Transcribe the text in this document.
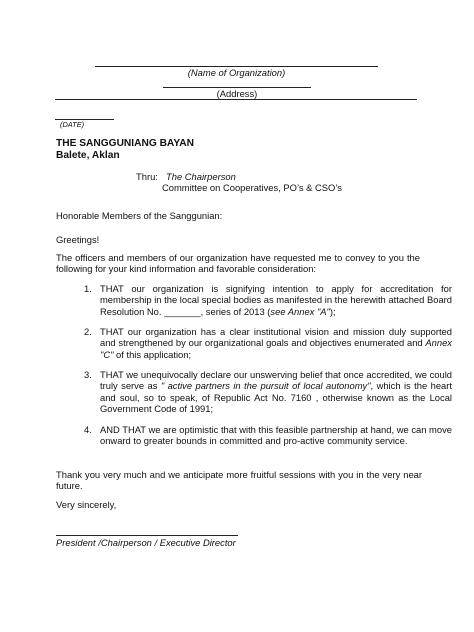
(Name of Organization)
(Address)
(DATE)
THE SANGGUNIANG BAYAN
Balete, Aklan
Thru: The Chairperson
Committee on Cooperatives, PO’s & CSO’s
Honorable Members of the Sanggunian:
Greetings!
The officers and members of our organization have requested me to convey to you the following for your kind information and favorable consideration:
1. THAT our organization is signifying intention to apply for accreditation for membership in the local special bodies as manifested in the herewith attached Board Resolution No. _______, series of 2013 (see Annex "A");
2. THAT our organization has a clear institutional vision and mission duly supported and strengthened by our organizational goals and objectives enumerated and Annex "C" of this application;
3. THAT we unequivocally declare our unswerving belief that once accredited, we could truly serve as " active partners in the pursuit of local autonomy", which is the heart and soul, so to speak, of Republic Act No. 7160 , otherwise known as the Local Government Code of 1991;
4. AND THAT we are optimistic that with this feasible partnership at hand, we can move onward to greater bounds in committed and pro-active community service.
Thank you very much and we anticipate more fruitful sessions with you in the very near future.
Very sincerely,
President /Chairperson / Executive Director
